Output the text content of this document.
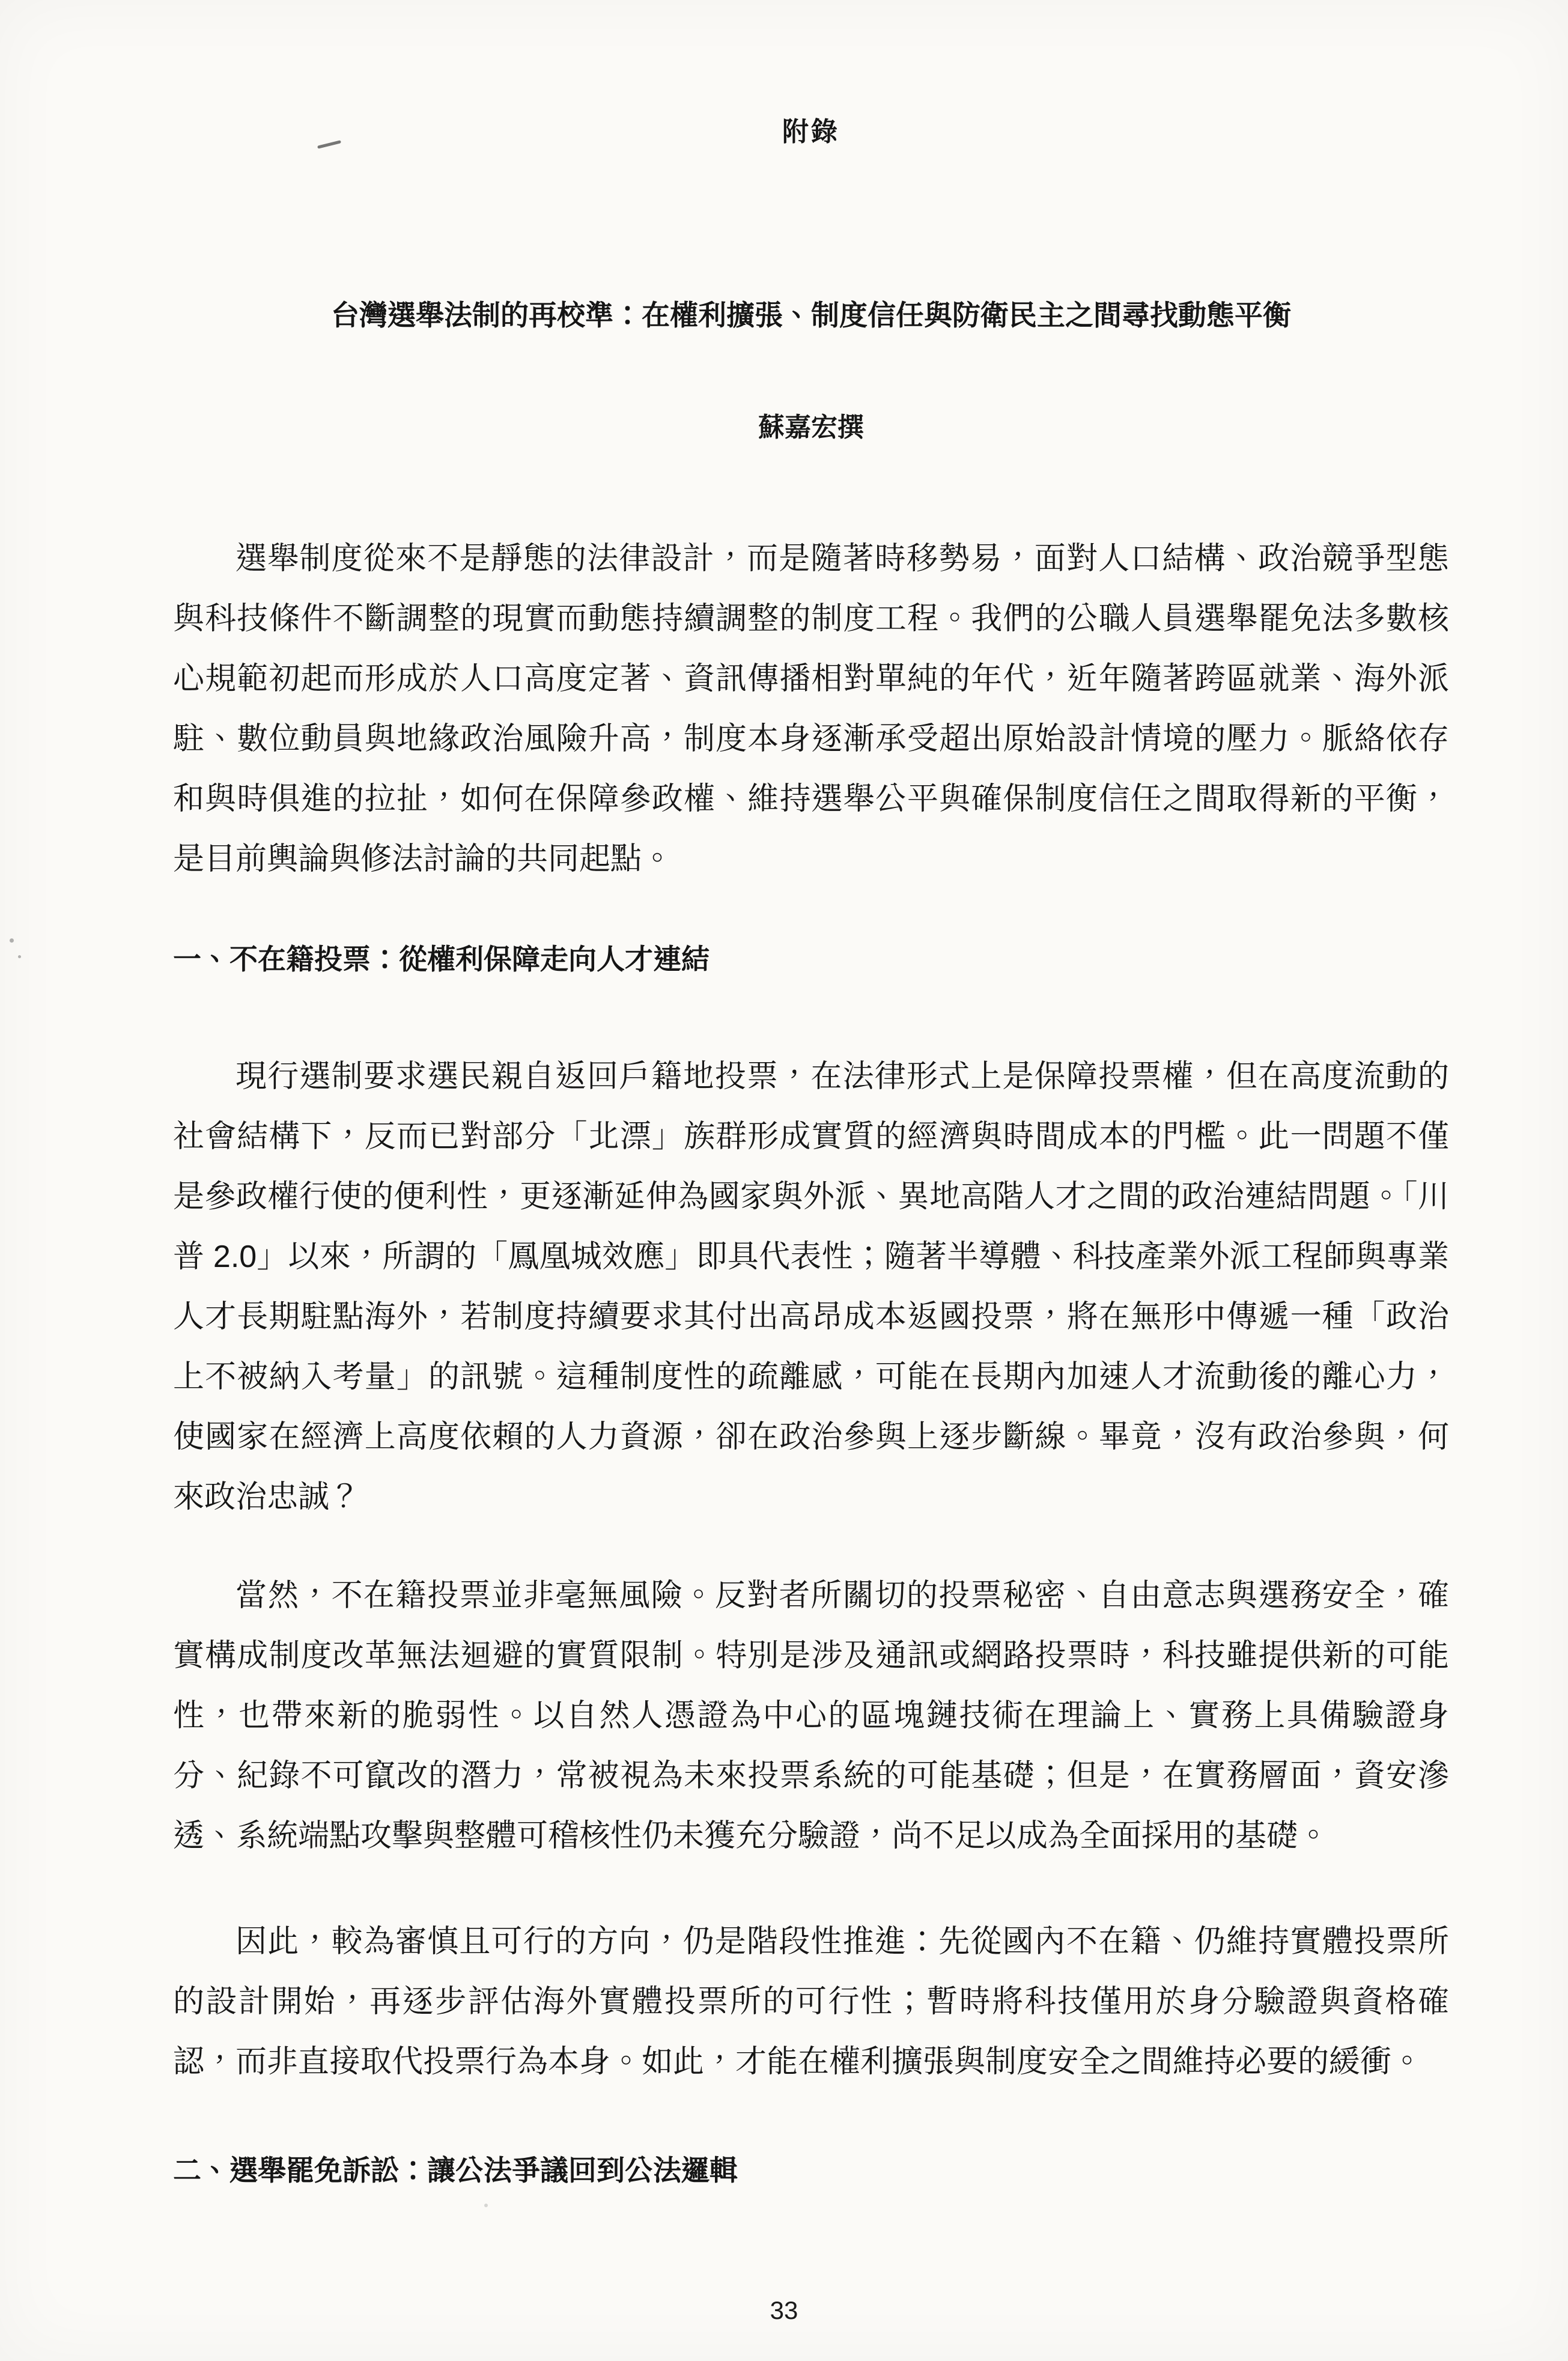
附錄
台灣選舉法制的再校準：在權利擴張、制度信任與防衛民主之間尋找動態平衡
蘇嘉宏撰

選舉制度從來不是靜態的法律設計，而是隨著時移勢易，面對人口結構、政治競爭型態與科技條件不斷調整的現實而動態持續調整的制度工程。我們的公職人員選舉罷免法多數核心規範初起而形成於人口高度定著、資訊傳播相對單純的年代，近年隨著跨區就業、海外派駐、數位動員與地緣政治風險升高，制度本身逐漸承受超出原始設計情境的壓力。脈絡依存和與時俱進的拉扯，如何在保障參政權、維持選舉公平與確保制度信任之間取得新的平衡，是目前輿論與修法討論的共同起點。

一、不在籍投票：從權利保障走向人才連結

現行選制要求選民親自返回戶籍地投票，在法律形式上是保障投票權，但在高度流動的社會結構下，反而已對部分「北漂」族群形成實質的經濟與時間成本的門檻。此一問題不僅是參政權行使的便利性，更逐漸延伸為國家與外派、異地高階人才之間的政治連結問題。「川普 2.0」以來，所謂的「鳳凰城效應」即具代表性；隨著半導體、科技產業外派工程師與專業人才長期駐點海外，若制度持續要求其付出高昂成本返國投票，將在無形中傳遞一種「政治上不被納入考量」的訊號。這種制度性的疏離感，可能在長期內加速人才流動後的離心力，使國家在經濟上高度依賴的人力資源，卻在政治參與上逐步斷線。畢竟，沒有政治參與，何來政治忠誠？

當然，不在籍投票並非毫無風險。反對者所關切的投票秘密、自由意志與選務安全，確實構成制度改革無法迴避的實質限制。特別是涉及通訊或網路投票時，科技雖提供新的可能性，也帶來新的脆弱性。以自然人憑證為中心的區塊鏈技術在理論上、實務上具備驗證身分、紀錄不可竄改的潛力，常被視為未來投票系統的可能基礎；但是，在實務層面，資安滲透、系統端點攻擊與整體可稽核性仍未獲充分驗證，尚不足以成為全面採用的基礎。

因此，較為審慎且可行的方向，仍是階段性推進：先從國內不在籍、仍維持實體投票所的設計開始，再逐步評估海外實體投票所的可行性；暫時將科技僅用於身分驗證與資格確認，而非直接取代投票行為本身。如此，才能在權利擴張與制度安全之間維持必要的緩衝。

二、選舉罷免訴訟：讓公法爭議回到公法邏輯
33
